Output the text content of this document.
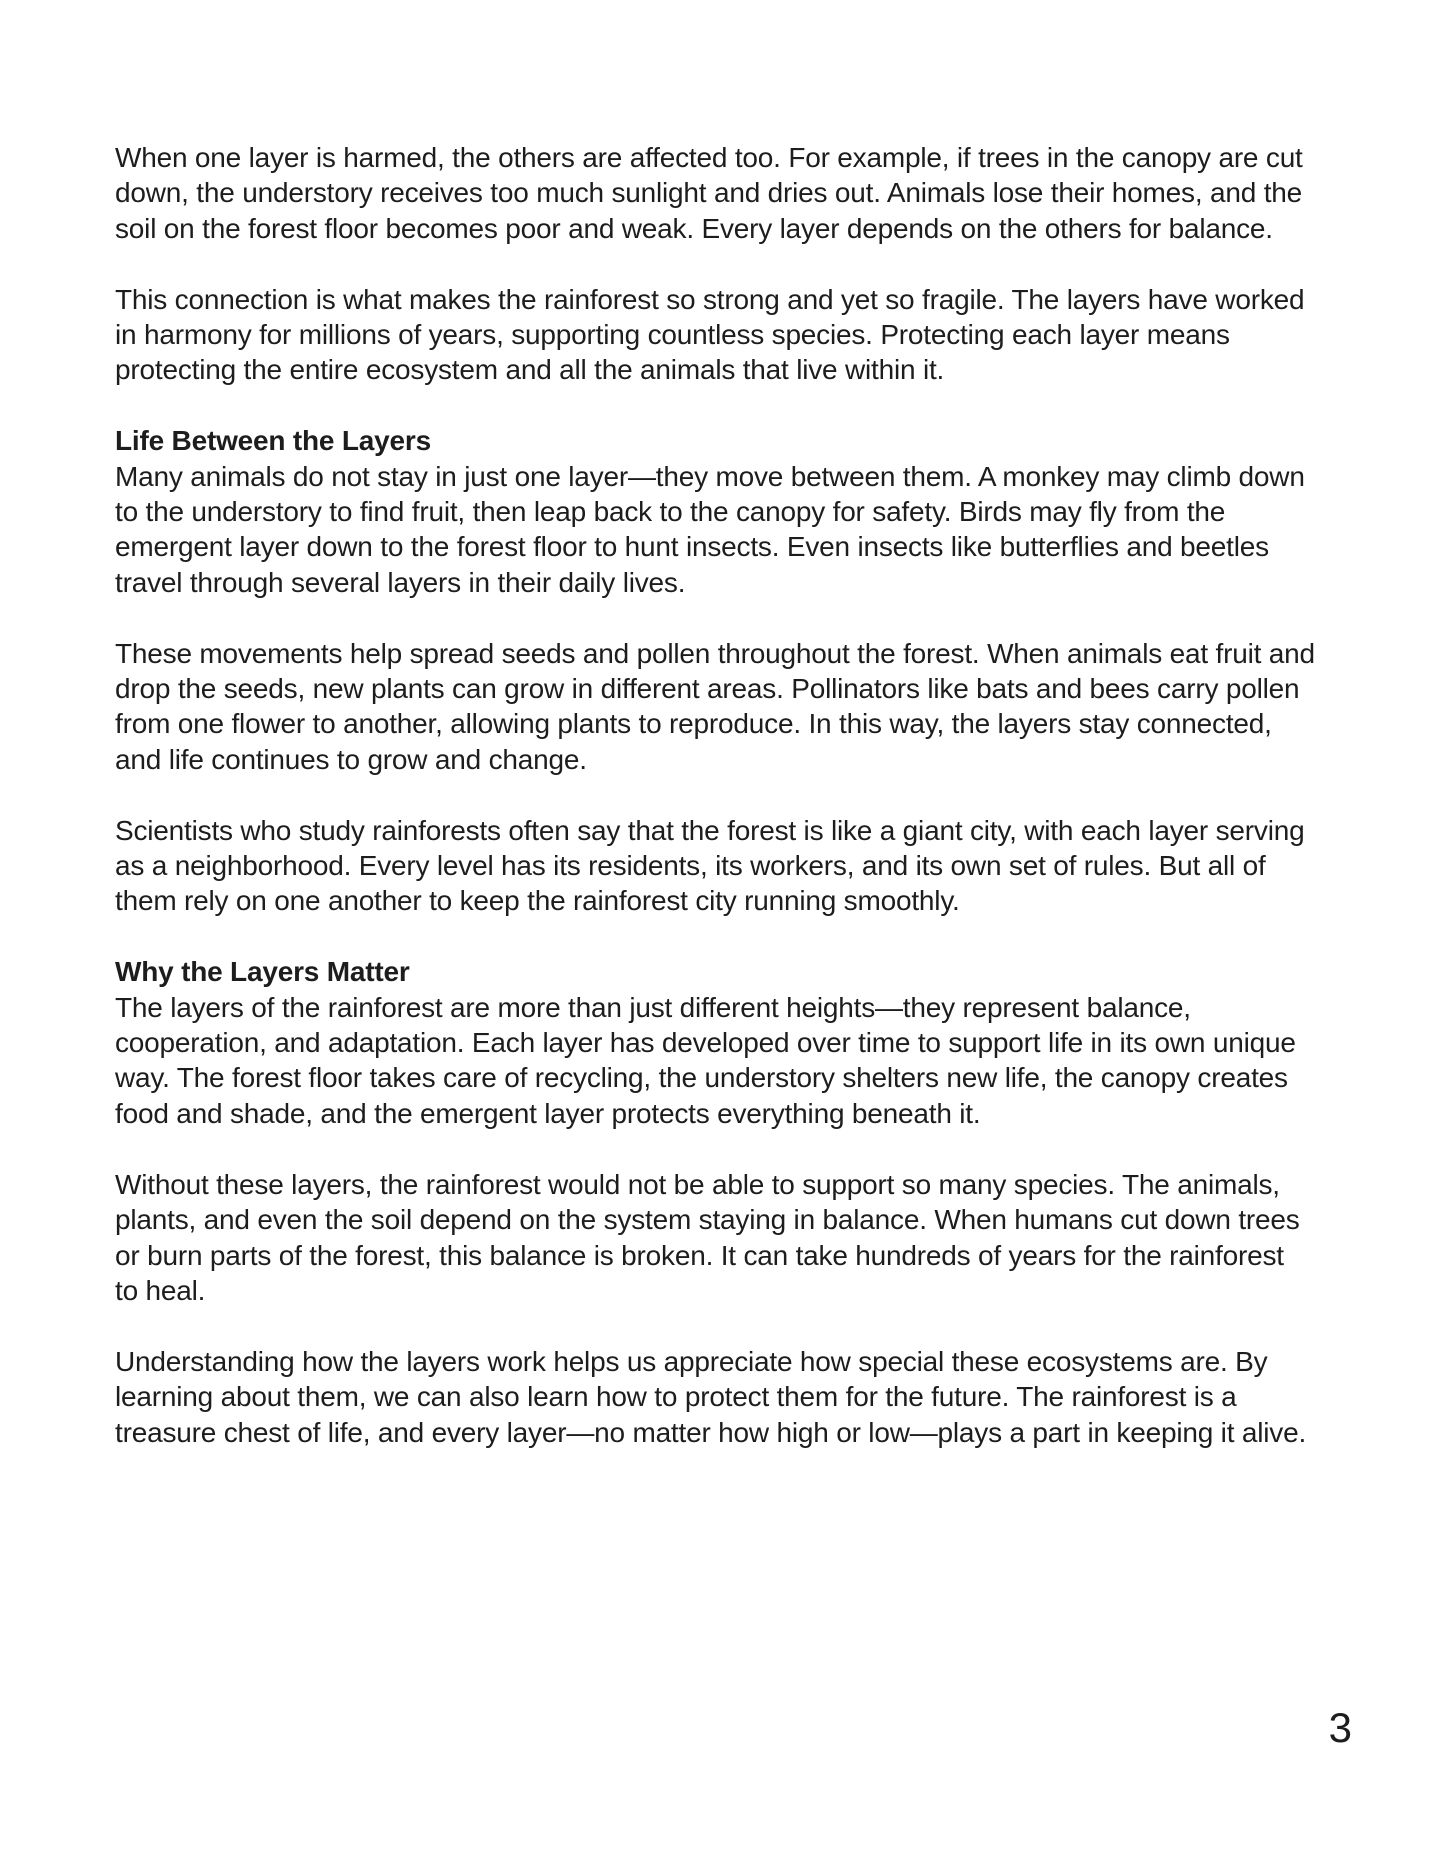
When one layer is harmed, the others are affected too. For example, if trees in the canopy are cut
down, the understory receives too much sunlight and dries out. Animals lose their homes, and the
soil on the forest floor becomes poor and weak. Every layer depends on the others for balance.

This connection is what makes the rainforest so strong and yet so fragile. The layers have worked
in harmony for millions of years, supporting countless species. Protecting each layer means
protecting the entire ecosystem and all the animals that live within it.

Life Between the Layers

Many animals do not stay in just one layer—they move between them. A monkey may climb down
to the understory to find fruit, then leap back to the canopy for safety. Birds may fly from the
emergent layer down to the forest floor to hunt insects. Even insects like butterflies and beetles
travel through several layers in their daily lives.

These movements help spread seeds and pollen throughout the forest. When animals eat fruit and
drop the seeds, new plants can grow in different areas. Pollinators like bats and bees carry pollen
from one flower to another, allowing plants to reproduce. In this way, the layers stay connected,
and life continues to grow and change.

Scientists who study rainforests often say that the forest is like a giant city, with each layer serving
as a neighborhood. Every level has its residents, its workers, and its own set of rules. But all of
them rely on one another to keep the rainforest city running smoothly.

Why the Layers Matter

The layers of the rainforest are more than just different heights—they represent balance,
cooperation, and adaptation. Each layer has developed over time to support life in its own unique
way. The forest floor takes care of recycling, the understory shelters new life, the canopy creates
food and shade, and the emergent layer protects everything beneath it.

Without these layers, the rainforest would not be able to support so many species. The animals,
plants, and even the soil depend on the system staying in balance. When humans cut down trees
or burn parts of the forest, this balance is broken. It can take hundreds of years for the rainforest
to heal.

Understanding how the layers work helps us appreciate how special these ecosystems are. By
learning about them, we can also learn how to protect them for the future. The rainforest is a
treasure chest of life, and every layer—no matter how high or low—plays a part in keeping it alive.

3
